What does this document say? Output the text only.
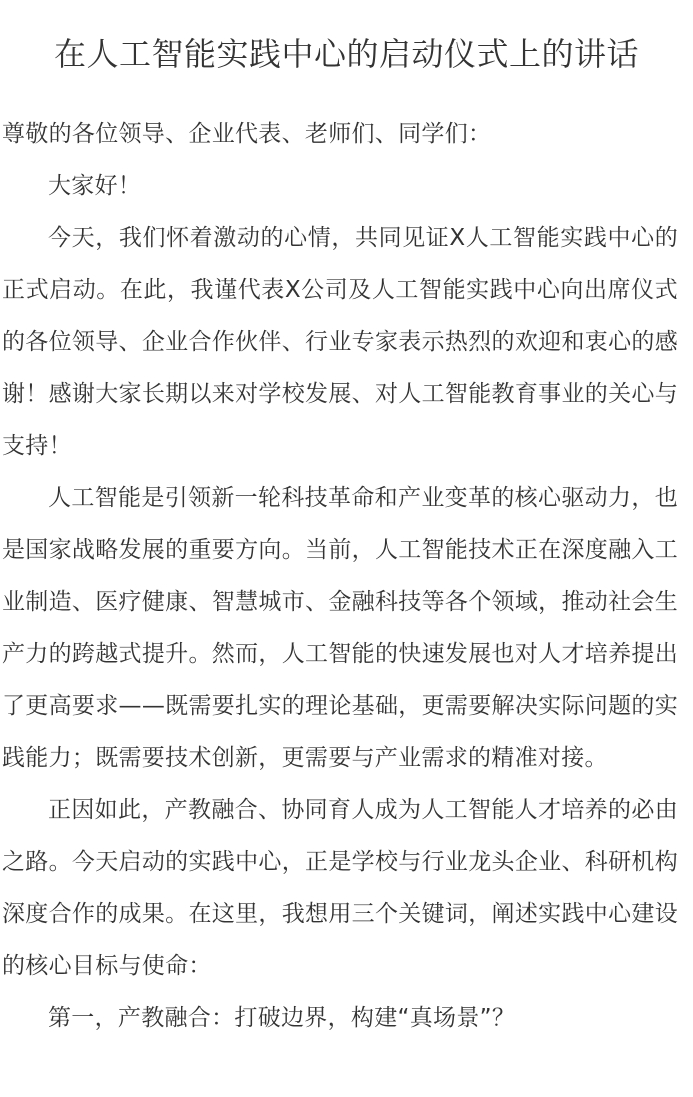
在人工智能实践中心的启动仪式上的讲话

尊敬的各位领导、企业代表、老师们、同学们：

大家好！

今天，我们怀着激动的心情，共同见证X人工智能实践中心的正式启动。在此，我谨代表X公司及人工智能实践中心向出席仪式的各位领导、企业合作伙伴、行业专家表示热烈的欢迎和衷心的感谢！感谢大家长期以来对学校发展、对人工智能教育事业的关心与支持！

人工智能是引领新一轮科技革命和产业变革的核心驱动力，也是国家战略发展的重要方向。当前，人工智能技术正在深度融入工业制造、医疗健康、智慧城市、金融科技等各个领域，推动社会生产力的跨越式提升。然而，人工智能的快速发展也对人才培养提出了更高要求——既需要扎实的理论基础，更需要解决实际问题的实践能力；既需要技术创新，更需要与产业需求的精准对接。

正因如此，产教融合、协同育人成为人工智能人才培养的必由之路。今天启动的实践中心，正是学校与行业龙头企业、科研机构深度合作的成果。在这里，我想用三个关键词，阐述实践中心建设的核心目标与使命：

第一，产教融合：打破边界，构建“真场景”？
